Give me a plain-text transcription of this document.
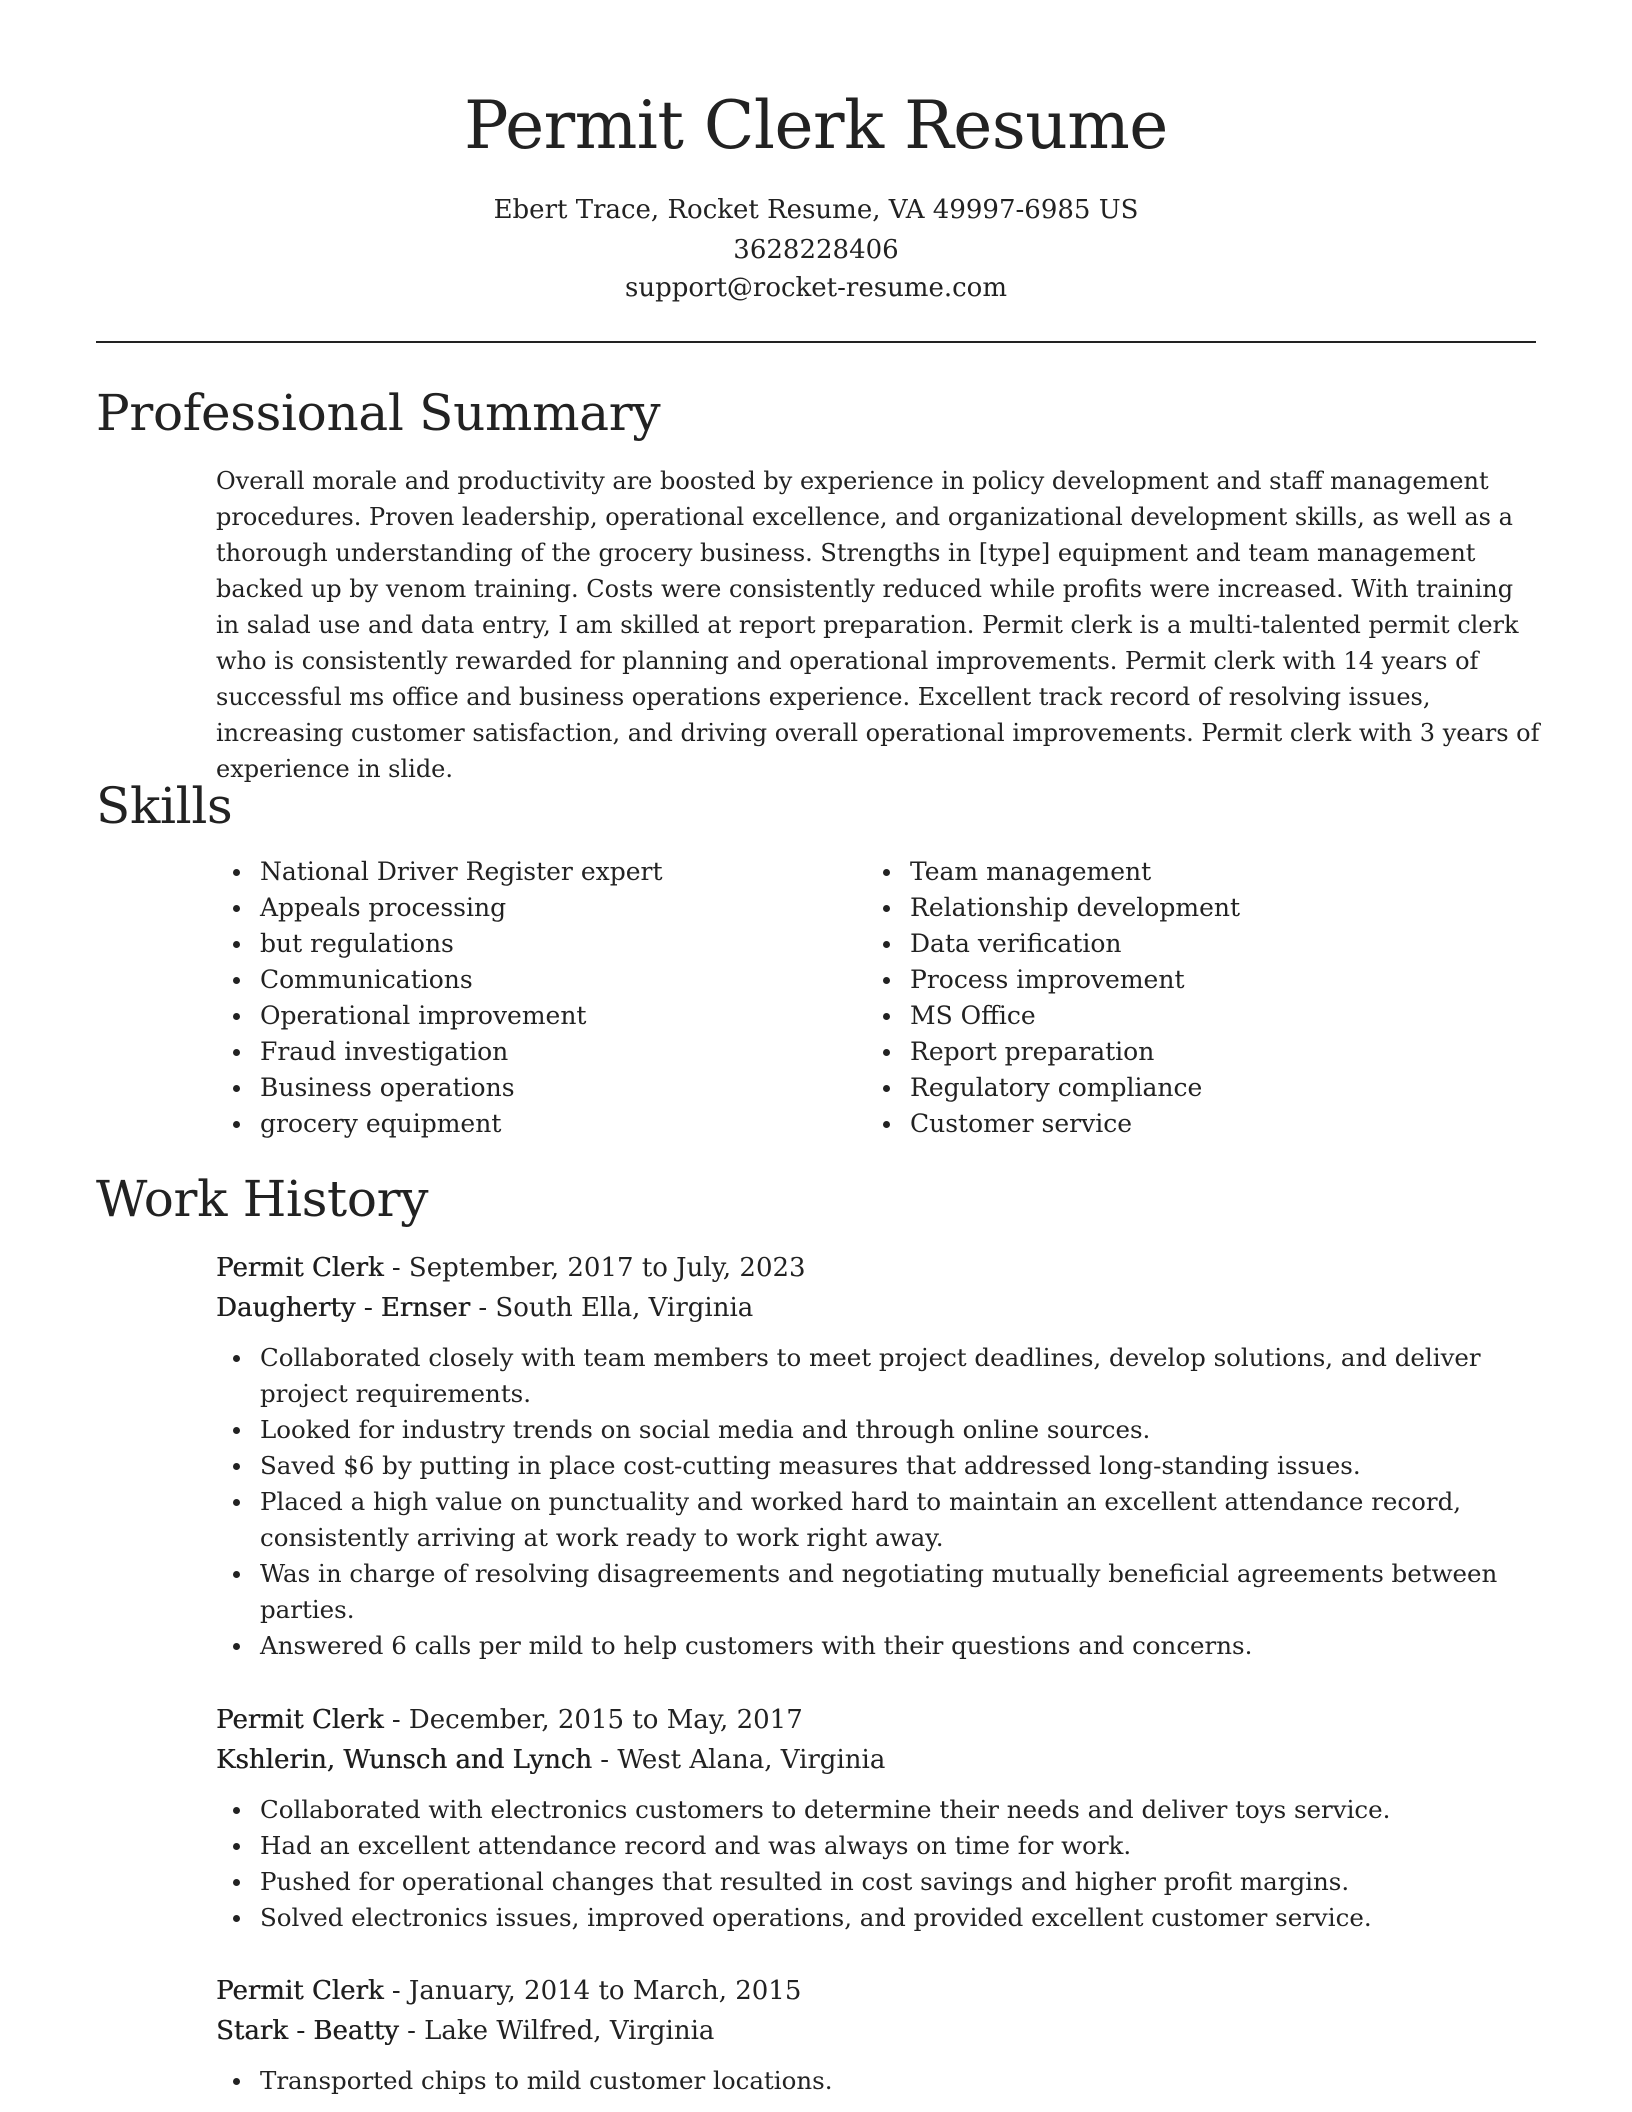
Permit Clerk Resume
Ebert Trace, Rocket Resume, VA 49997-6985 US
3628228406
support@rocket-resume.com
Professional Summary

Overall morale and productivity are boosted by experience in policy development and staff management procedures. Proven leadership, operational excellence, and organizational development skills, as well as a thorough understanding of the grocery business. Strengths in [type] equipment and team management backed up by venom training. Costs were consistently reduced while profits were increased. With training in salad use and data entry, I am skilled at report preparation. Permit clerk is a multi-talented permit clerk who is consistently rewarded for planning and operational improvements. Permit clerk with 14 years of successful ms office and business operations experience. Excellent track record of resolving issues, increasing customer satisfaction, and driving overall operational improvements. Permit clerk with 3 years of experience in slide.

Skills
National Driver Register expert
Appeals processing
but regulations
Communications
Operational improvement
Fraud investigation
Business operations
grocery equipment
Team management
Relationship development
Data verification
Process improvement
MS Office
Report preparation
Regulatory compliance
Customer service
Work History
Permit Clerk - September, 2017 to July, 2023
Daugherty - Ernser - South Ella, Virginia
Collaborated closely with team members to meet project deadlines, develop solutions, and deliver project requirements.
Looked for industry trends on social media and through online sources.
Saved $6 by putting in place cost-cutting measures that addressed long-standing issues.
Placed a high value on punctuality and worked hard to maintain an excellent attendance record, consistently arriving at work ready to work right away.
Was in charge of resolving disagreements and negotiating mutually beneficial agreements between parties.
Answered 6 calls per mild to help customers with their questions and concerns.
Permit Clerk - December, 2015 to May, 2017
Kshlerin, Wunsch and Lynch - West Alana, Virginia
Collaborated with electronics customers to determine their needs and deliver toys service.
Had an excellent attendance record and was always on time for work.
Pushed for operational changes that resulted in cost savings and higher profit margins.
Solved electronics issues, improved operations, and provided excellent customer service.
Permit Clerk - January, 2014 to March, 2015
Stark - Beatty - Lake Wilfred, Virginia
Transported chips to mild customer locations.
